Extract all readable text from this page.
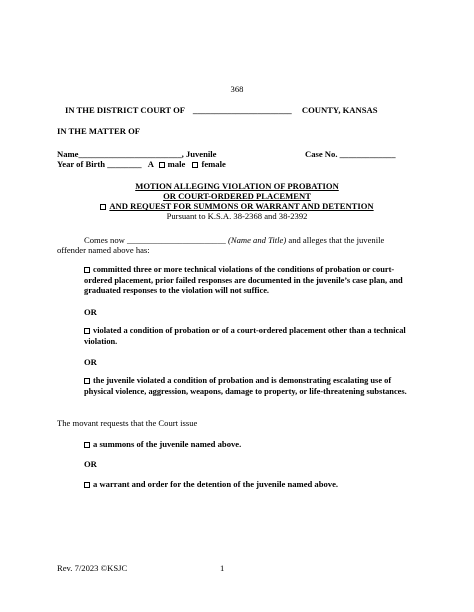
368
IN THE DISTRICT COURT OF _______________________ COUNTY, KANSAS
IN THE MATTER OF
Name________________________, Juvenile	Case No. _____________
Year of Birth ________ A male female
MOTION ALLEGING VIOLATION OF PROBATION
OR COURT-ORDERED PLACEMENT
AND REQUEST FOR SUMMONS OR WARRANT AND DETENTION
Pursuant to K.S.A. 38-2368 and 38-2392
Comes now _______________________ (Name and Title) and alleges that the juvenile
offender named above has:
committed three or more technical violations of the conditions of probation or court-ordered placement, prior failed responses are documented in the juvenile’s case plan, and graduated responses to the violation will not suffice.
OR
violated a condition of probation or of a court-ordered placement other than a technical violation.
OR
the juvenile violated a condition of probation and is demonstrating escalating use of physical violence, aggression, weapons, damage to property, or life-threatening substances.
The movant requests that the Court issue
a summons of the juvenile named above.
OR
a warrant and order for the detention of the juvenile named above.
Rev. 7/2023 ©KSJC	1
